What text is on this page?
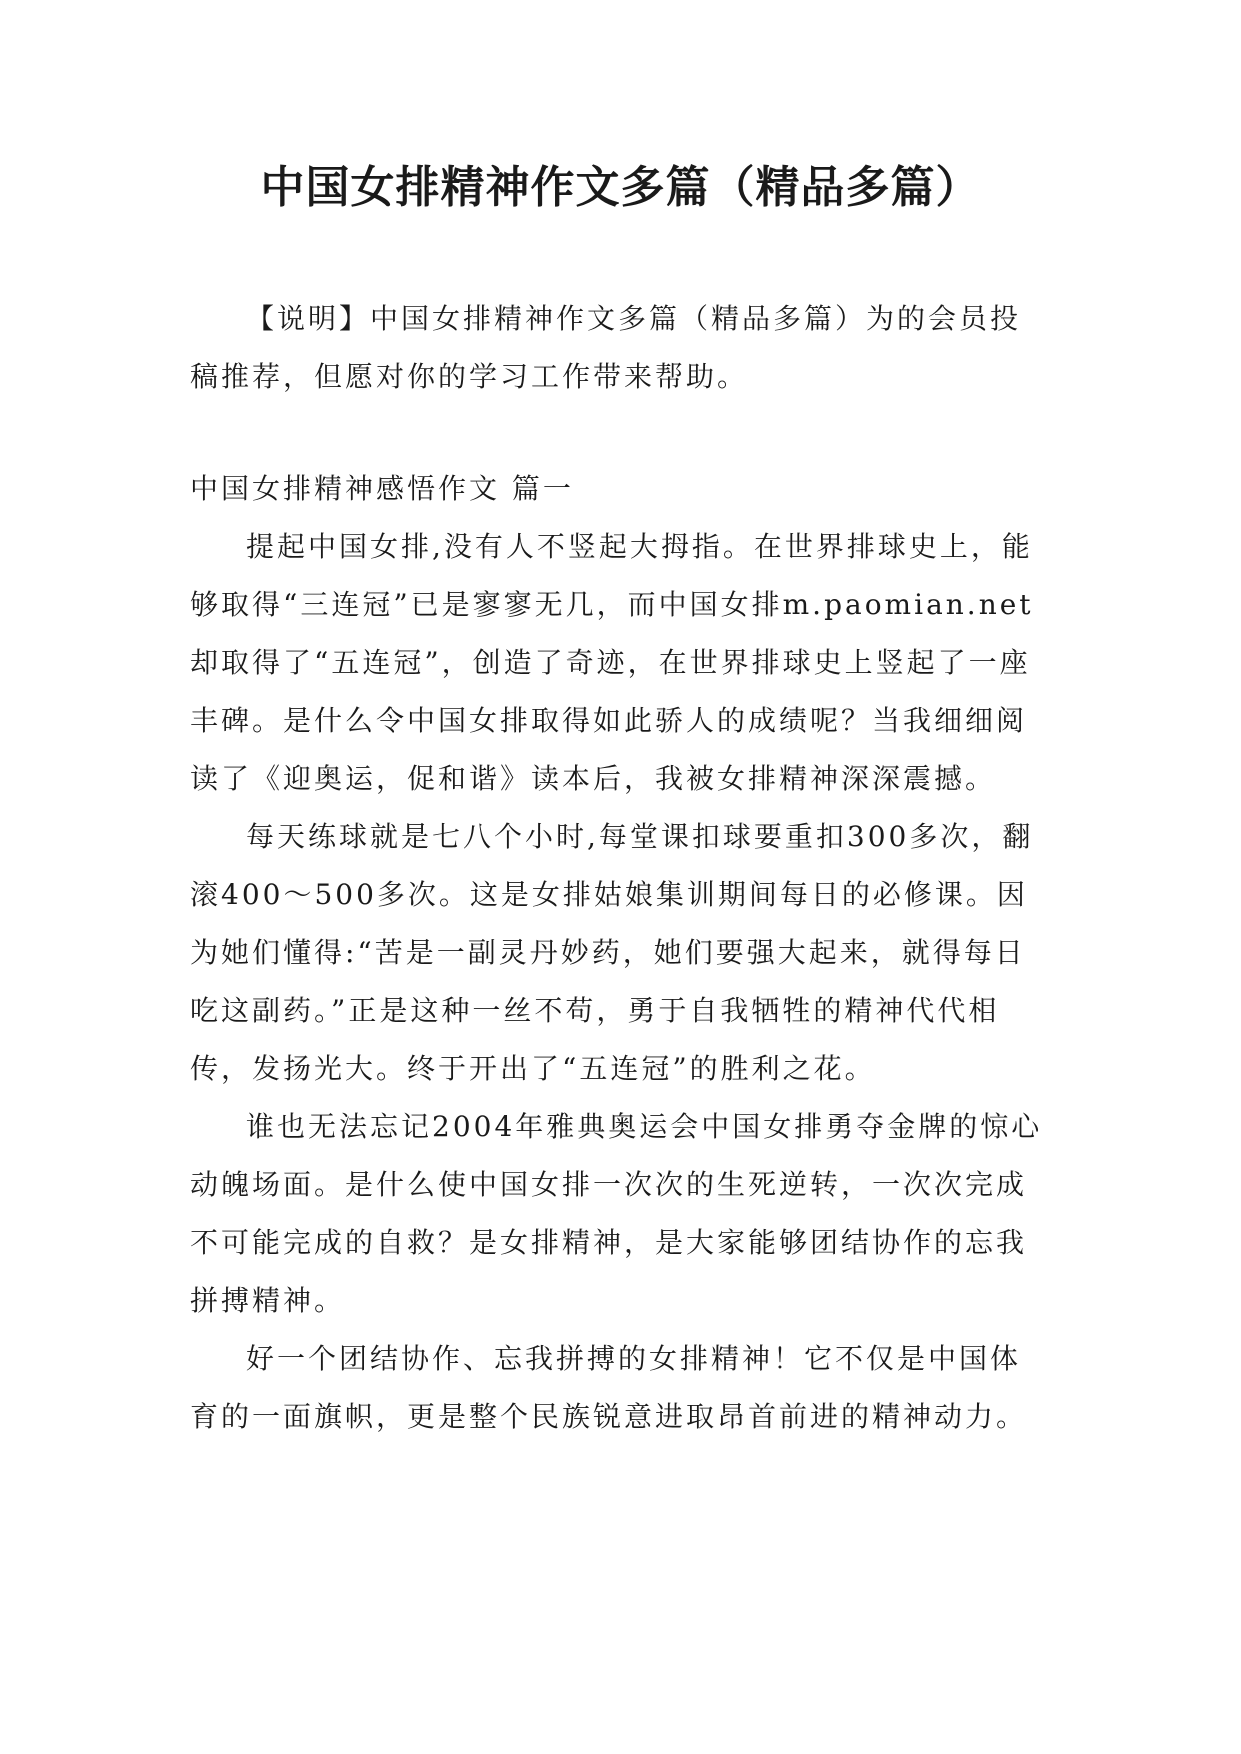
中国女排精神作文多篇（精品多篇）

【说明】中国女排精神作文多篇（精品多篇）为的会员投稿推荐，但愿对你的学习工作带来帮助。

中国女排精神感悟作文 篇一

提起中国女排,没有人不竖起大拇指。在世界排球史上，能够取得“三连冠”已是寥寥无几，而中国女排m.paomian.net 却取得了“五连冠”，创造了奇迹，在世界排球史上竖起了一座丰碑。是什么令中国女排取得如此骄人的成绩呢？当我细细阅读了《迎奥运，促和谐》读本后，我被女排精神深深震撼。

每天练球就是七八个小时,每堂课扣球要重扣300多次，翻滚400～500多次。这是女排姑娘集训期间每日的必修课。因为她们懂得:“苦是一副灵丹妙药，她们要强大起来，就得每日吃这副药。”正是这种一丝不苟，勇于自我牺牲的精神代代相传，发扬光大。终于开出了“五连冠”的胜利之花。

谁也无法忘记2004年雅典奥运会中国女排勇夺金牌的惊心动魄场面。是什么使中国女排一次次的生死逆转，一次次完成不可能完成的自救？是女排精神，是大家能够团结协作的忘我拼搏精神。

好一个团结协作、忘我拼搏的女排精神！它不仅是中国体育的一面旗帜，更是整个民族锐意进取昂首前进的精神动力。
